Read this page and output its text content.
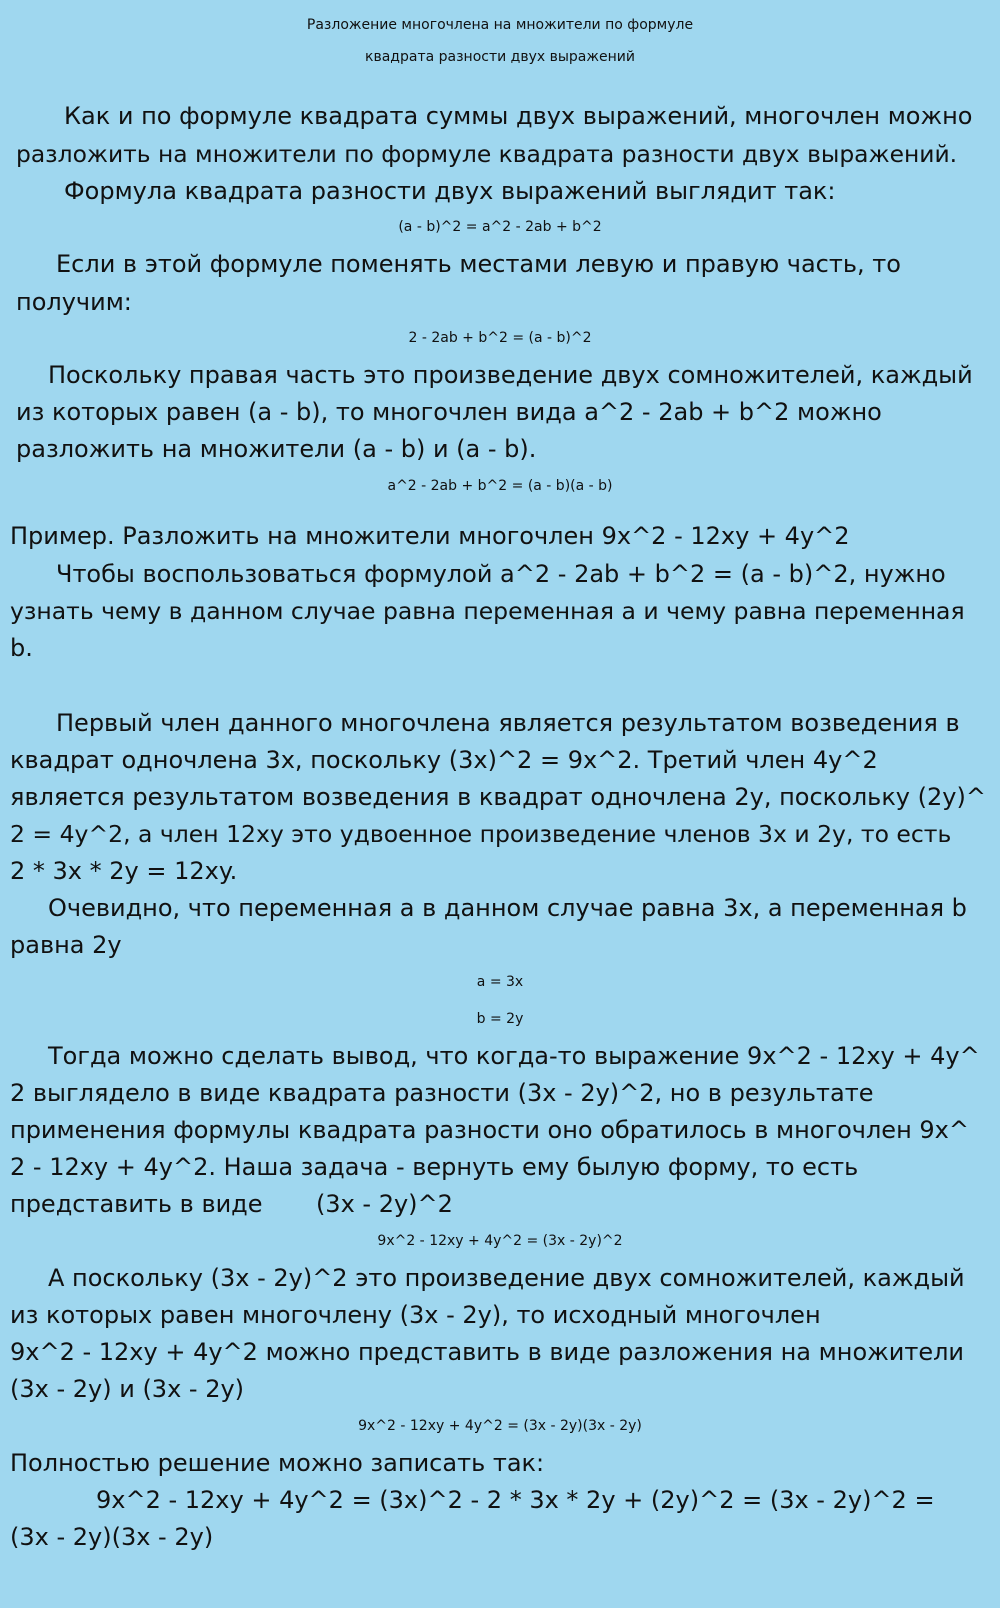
Разложение многочлена на множители по формуле
квадрата разности двух выражений
Как и по формуле квадрата суммы двух выражений, многочлен можно
разложить на множители по формуле квадрата разности двух выражений.
Формула квадрата разности двух выражений выглядит так:
(a - b)^2 = a^2 - 2ab + b^2
Если в этой формуле поменять местами левую и правую часть, то
получим:
2 - 2ab + b^2 = (a - b)^2
Поскольку правая часть это произведение двух сомножителей, каждый
из которых равен (a - b), то многочлен вида a^2 - 2ab + b^2 можно
разложить на множители (a - b) и (a - b).
a^2 - 2ab + b^2 = (a - b)(a - b)
Пример. Разложить на множители многочлен 9x^2 - 12xy + 4y^2
Чтобы воспользоваться формулой a^2 - 2ab + b^2 = (a - b)^2, нужно
узнать чему в данном случае равна переменная a и чему равна переменная
b.
Первый член данного многочлена является результатом возведения в
квадрат одночлена 3x, поскольку (3x)^2 = 9x^2. Третий член 4y^2
является результатом возведения в квадрат одночлена 2y, поскольку (2y)^
2 = 4y^2, а член 12xy это удвоенное произведение членов 3x и 2y, то есть
2 * 3x * 2y = 12xy.
Очевидно, что переменная a в данном случае равна 3x, а переменная b
равна 2y
a = 3x
b = 2y
Тогда можно сделать вывод, что когда-то выражение 9x^2 - 12xy + 4y^
2 выглядело в виде квадрата разности (3x - 2y)^2, но в результате
применения формулы квадрата разности оно обратилось в многочлен 9x^
2 - 12xy + 4y^2. Наша задача - вернуть ему былую форму, то есть
представить в виде       (3x - 2y)^2
9x^2 - 12xy + 4y^2 = (3x - 2y)^2
А поскольку (3x - 2y)^2 это произведение двух сомножителей, каждый
из которых равен многочлену (3x - 2y), то исходный многочлен
9x^2 - 12xy + 4y^2 можно представить в виде разложения на множители
(3x - 2y) и (3x - 2y)
9x^2 - 12xy + 4y^2 = (3x - 2y)(3x - 2y)
Полностью решение можно записать так:
9x^2 - 12xy + 4y^2 = (3x)^2 - 2 * 3x * 2y + (2y)^2 = (3x - 2y)^2 =
(3x - 2y)(3x - 2y)
